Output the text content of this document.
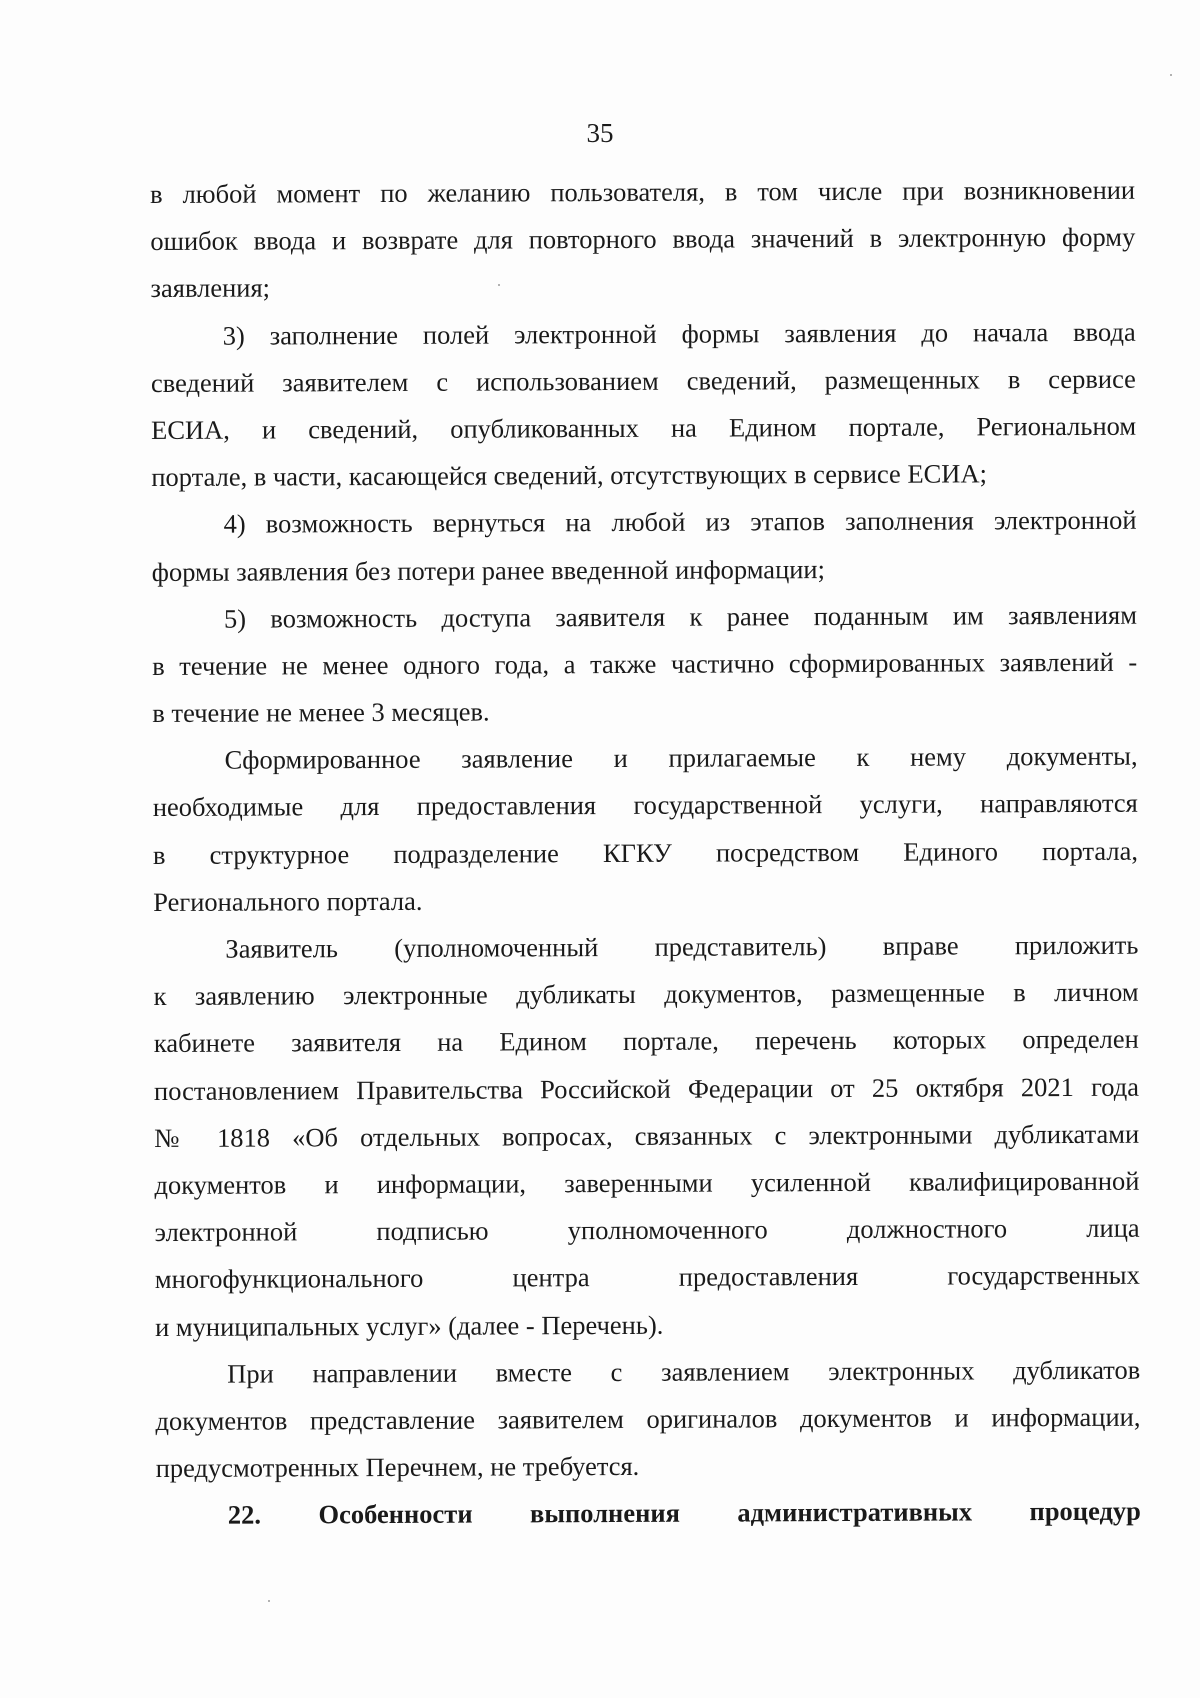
35
в любой момент по желанию пользователя, в том числе при возникновении
ошибок ввода и возврате для повторного ввода значений в электронную форму
заявления;
3) заполнение полей электронной формы заявления до начала ввода
сведений заявителем с использованием сведений, размещенных в сервисе
ЕСИА, и сведений, опубликованных на Едином портале, Региональном
портале, в части, касающейся сведений, отсутствующих в сервисе ЕСИА;
4) возможность вернуться на любой из этапов заполнения электронной
формы заявления без потери ранее введенной информации;
5) возможность доступа заявителя к ранее поданным им заявлениям
в течение не менее одного года, а также частично сформированных заявлений -
в течение не менее 3 месяцев.
Сформированное заявление и прилагаемые к нему документы,
необходимые для предоставления государственной услуги, направляются
в структурное подразделение КГКУ посредством Единого портала,
Регионального портала.
Заявитель (уполномоченный представитель) вправе приложить
к заявлению электронные дубликаты документов, размещенные в личном
кабинете заявителя на Едином портале, перечень которых определен
постановлением Правительства Российской Федерации от 25 октября 2021 года
№ 1818 «Об отдельных вопросах, связанных с электронными дубликатами
документов и информации, заверенными усиленной квалифицированной
электронной подписью уполномоченного должностного лица
многофункционального центра предоставления государственных
и муниципальных услуг» (далее - Перечень).
При направлении вместе с заявлением электронных дубликатов
документов представление заявителем оригиналов документов и информации,
предусмотренных Перечнем, не требуется.
22. Особенности выполнения административных процедур
